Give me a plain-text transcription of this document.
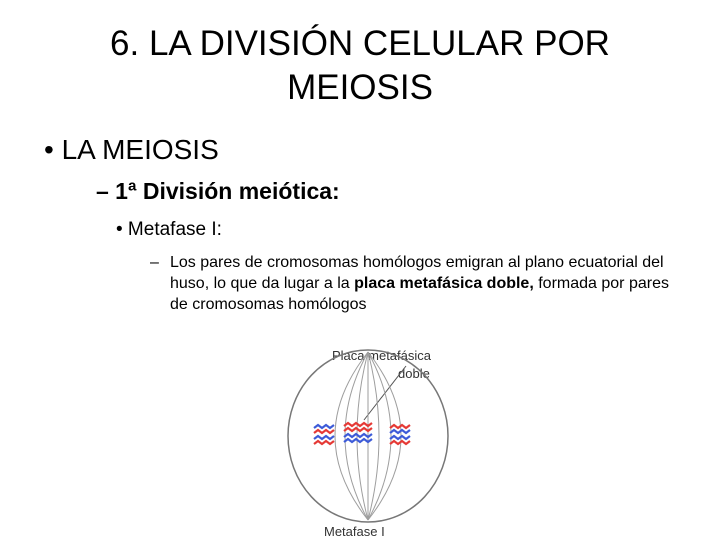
6. LA DIVISIÓN CELULAR POR
MEIOSIS
• LA MEIOSIS
– 1ª División meiótica:
• Metafase I:
– Los pares de cromosomas homólogos emigran al plano ecuatorial del huso, lo que da lugar a la placa metafásica doble, formada por pares de cromosomas homólogos
Placa metafásica
doble
Metafase I
